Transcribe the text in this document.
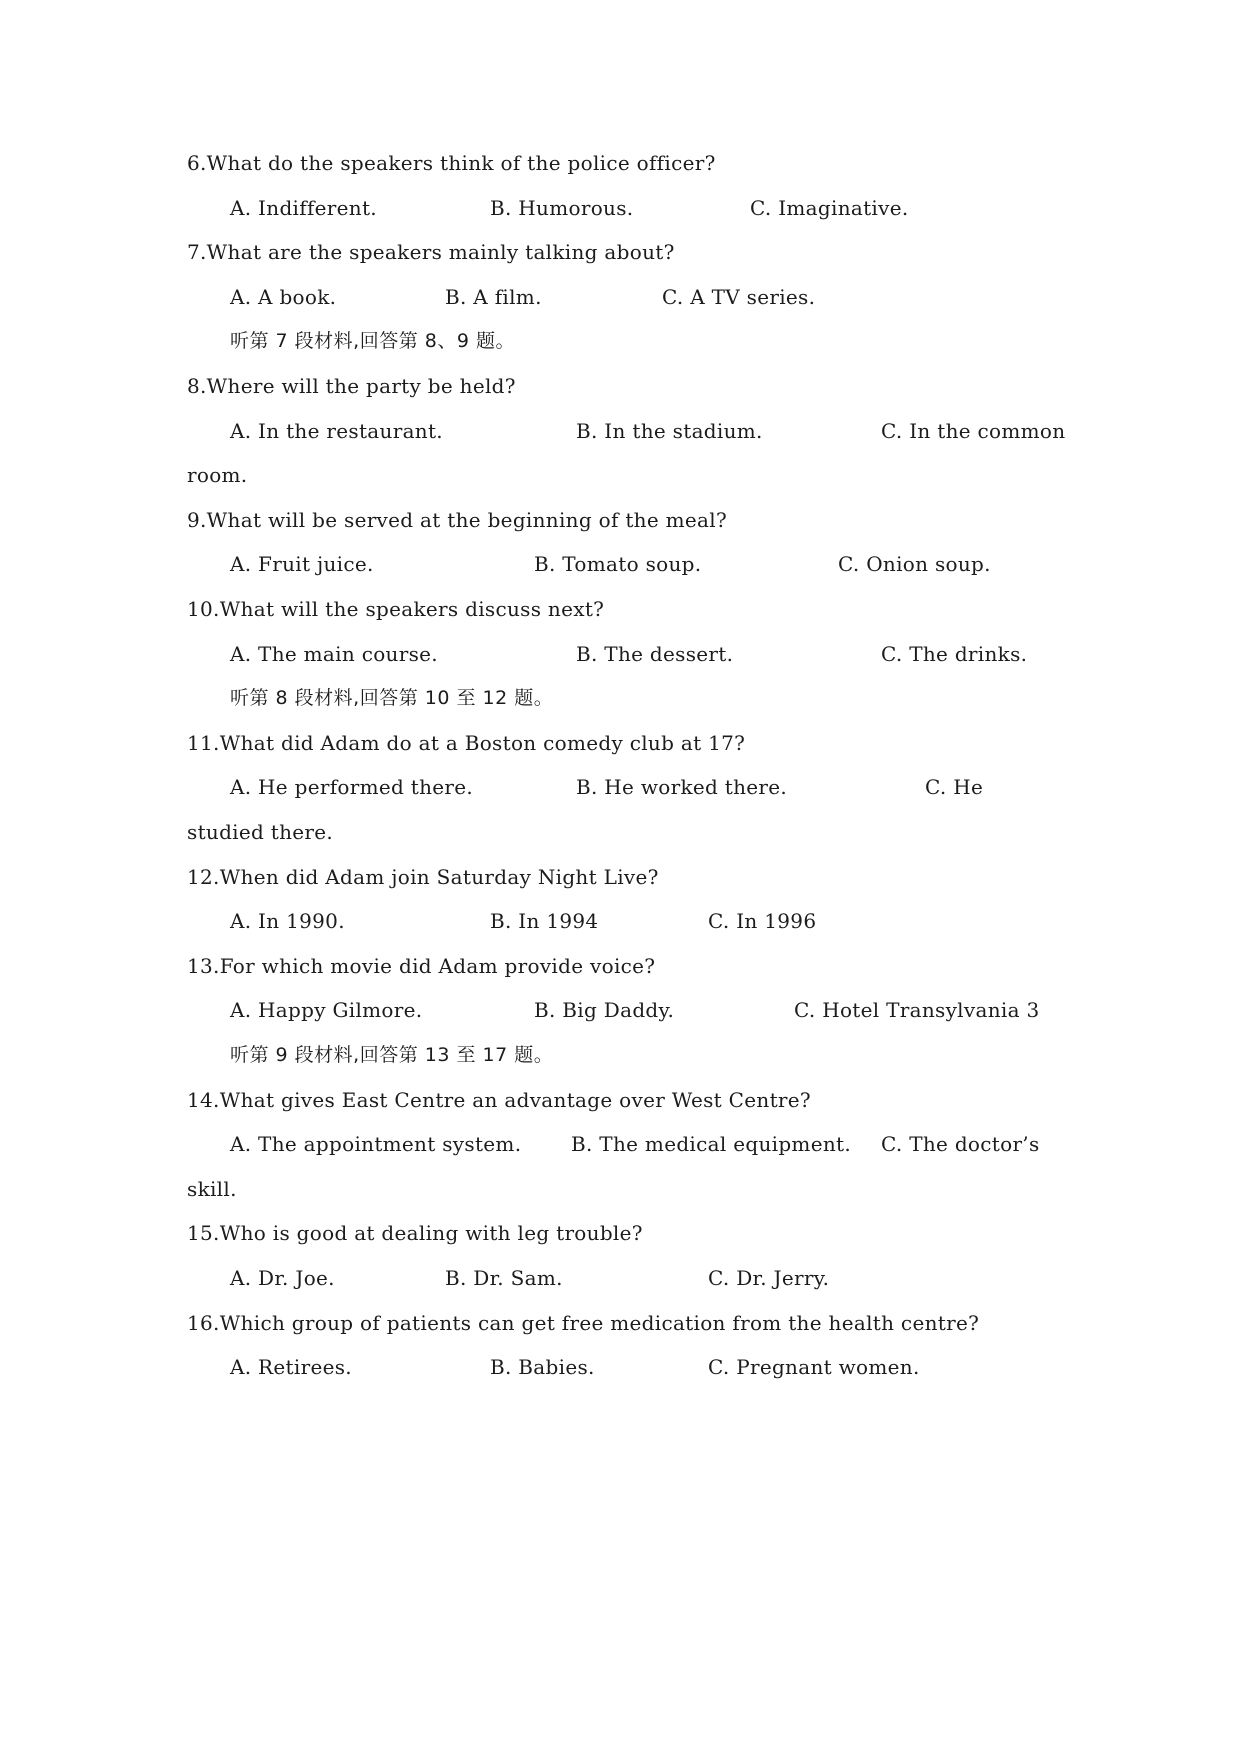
6.What do the speakers think of the police officer?
A. Indifferent.	B. Humorous.	C. Imaginative.
7.What are the speakers mainly talking about?
A. A book.	B. A film.	C. A TV series.
听第 7 段材料,回答第 8、9 题。
8.Where will the party be held?
A. In the restaurant.	B. In the stadium.	C. In the common
room.
9.What will be served at the beginning of the meal?
A. Fruit juice.	B. Tomato soup.	C. Onion soup.
10.What will the speakers discuss next?
A. The main course.	B. The dessert.	C. The drinks.
听第 8 段材料,回答第 10 至 12 题。
11.What did Adam do at a Boston comedy club at 17?
A. He performed there.	B. He worked there.	C. He
studied there.
12.When did Adam join Saturday Night Live?
A. In 1990.	B. In 1994	C. In 1996
13.For which movie did Adam provide voice?
A. Happy Gilmore.	B. Big Daddy.	C. Hotel Transylvania 3
听第 9 段材料,回答第 13 至 17 题。
14.What gives East Centre an advantage over West Centre?
A. The appointment system. B. The medical equipment. C. The doctor’s
skill.
15.Who is good at dealing with leg trouble?
A. Dr. Joe.	B. Dr. Sam.	C. Dr. Jerry.
16.Which group of patients can get free medication from the health centre?
A. Retirees.	B. Babies.	C. Pregnant women.
